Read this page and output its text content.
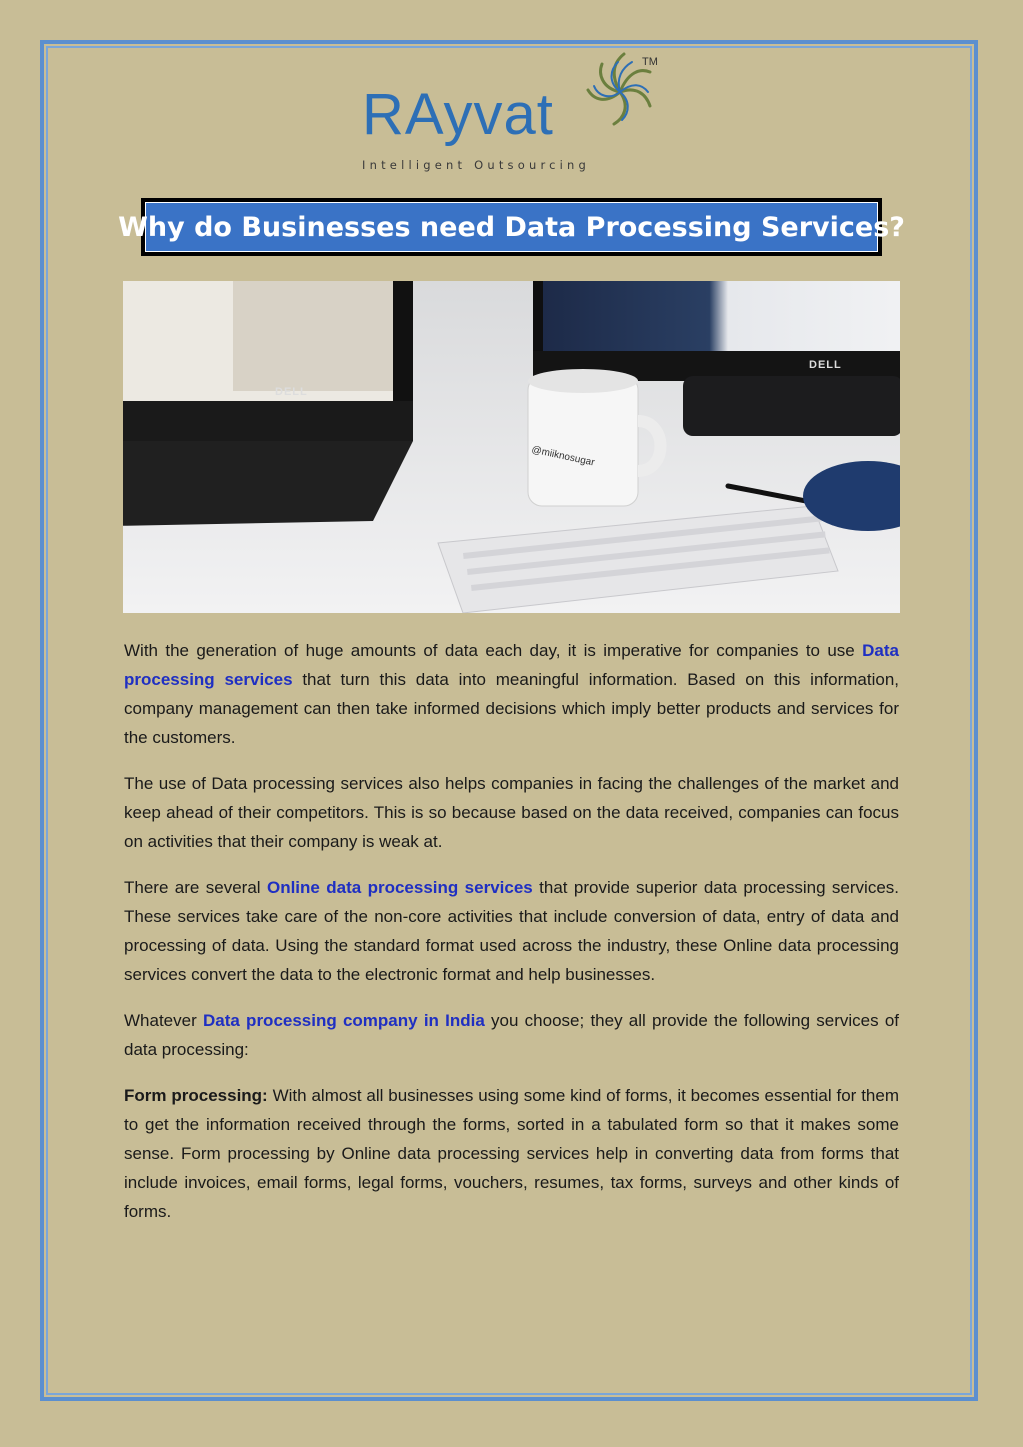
RAyvat
Intelligent Outsourcing
TM
Why do Businesses need Data Processing Services?
DELL
DELL
@miiknosugar

With the generation of huge amounts of data each day, it is imperative for companies to use Data processing services that turn this data into meaningful information. Based on this information, company management can then take informed decisions which imply better products and services for the customers.

The use of Data processing services also helps companies in facing the challenges of the market and keep ahead of their competitors. This is so because based on the data received, companies can focus on activities that their company is weak at.

There are several Online data processing services that provide superior data processing services. These services take care of the non-core activities that include conversion of data, entry of data and processing of data. Using the standard format used across the industry, these Online data processing services convert the data to the electronic format and help businesses.

Whatever Data processing company in India you choose; they all provide the following services of data processing:

Form processing: With almost all businesses using some kind of forms, it becomes essential for them to get the information received through the forms, sorted in a tabulated form so that it makes some sense. Form processing by Online data processing services help in converting data from forms that include invoices, email forms, legal forms, vouchers, resumes, tax forms, surveys and other kinds of forms.
